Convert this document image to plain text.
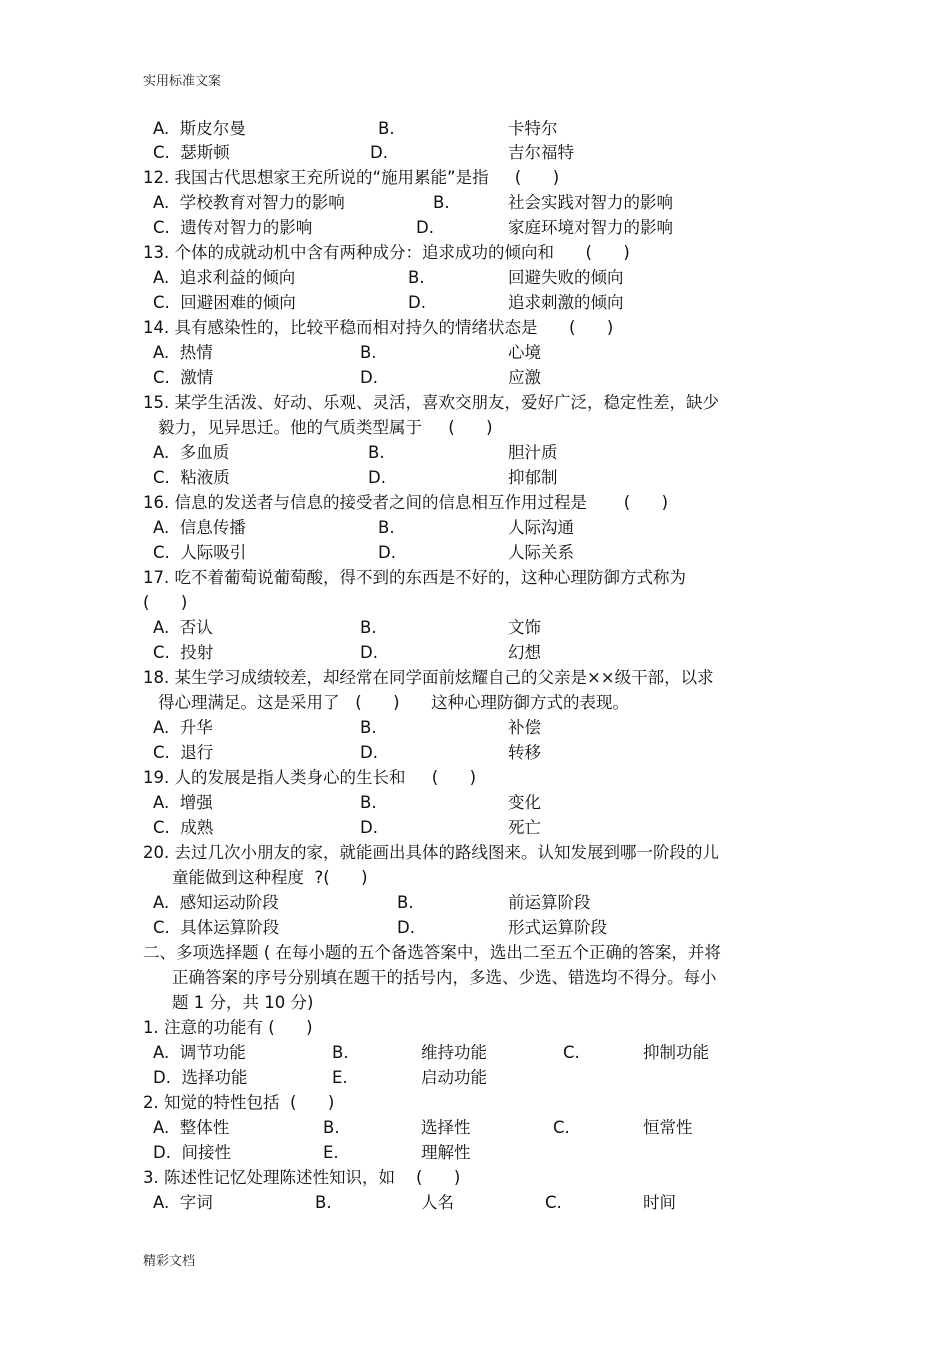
实用标准文案
A.  斯皮尔曼	B.	卡特尔
C.  瑟斯顿	D.	吉尔福特
12. 我国古代思想家王充所说的“施用累能”是指     (      )
A.  学校教育对智力的影响	B.	社会实践对智力的影响
C.  遗传对智力的影响	D.	家庭环境对智力的影响
13. 个体的成就动机中含有两种成分：追求成功的倾向和      (      )
A.  追求利益的倾向	B.	回避失败的倾向
C.  回避困难的倾向	D.	追求刺激的倾向
14. 具有感染性的，比较平稳而相对持久的情绪状态是      (      )
A.  热情	B.	心境
C.  激情	D.	应激
15. 某学生活泼、好动、乐观、灵活，喜欢交朋友，爱好广泛，稳定性差，缺少
毅力，见异思迁。他的气质类型属于     (      )
A.  多血质	B.	胆汁质
C.  粘液质	D.	抑郁制
16. 信息的发送者与信息的接受者之间的信息相互作用过程是       (      )
A.  信息传播	B.	人际沟通
C.  人际吸引	D.	人际关系
17. 吃不着葡萄说葡萄酸，得不到的东西是不好的，这种心理防御方式称为
(      )
A.  否认	B.	文饰
C.  投射	D.	幻想
18. 某生学习成绩较差，却经常在同学面前炫耀自己的父亲是××级干部，以求
得心理满足。这是采用了   (      )      这种心理防御方式的表现。
A.  升华	B.	补偿
C.  退行	D.	转移
19. 人的发展是指人类身心的生长和     (      )
A.  增强	B.	变化
C.  成熟	D.	死亡
20. 去过几次小朋友的家，就能画出具体的路线图来。认知发展到哪一阶段的儿
童能做到这种程度  ?(      )
A.  感知运动阶段	B.	前运算阶段
C.  具体运算阶段	D.	形式运算阶段
二、多项选择题 ( 在每小题的五个备选答案中，选出二至五个正确的答案，并将
正确答案的序号分别填在题干的括号内，多选、少选、错选均不得分。每小
题 1 分，共 10 分)
1. 注意的功能有 (      )
A.  调节功能	B.	维持功能	C.	抑制功能
D.  选择功能	E.	启动功能
2. 知觉的特性包括  (      )
A.  整体性	B.	选择性	C.	恒常性
D.  间接性	E.	理解性
3. 陈述性记忆处理陈述性知识，如    (      )
A.  字词	B.	人名	C.	时间
精彩文档
